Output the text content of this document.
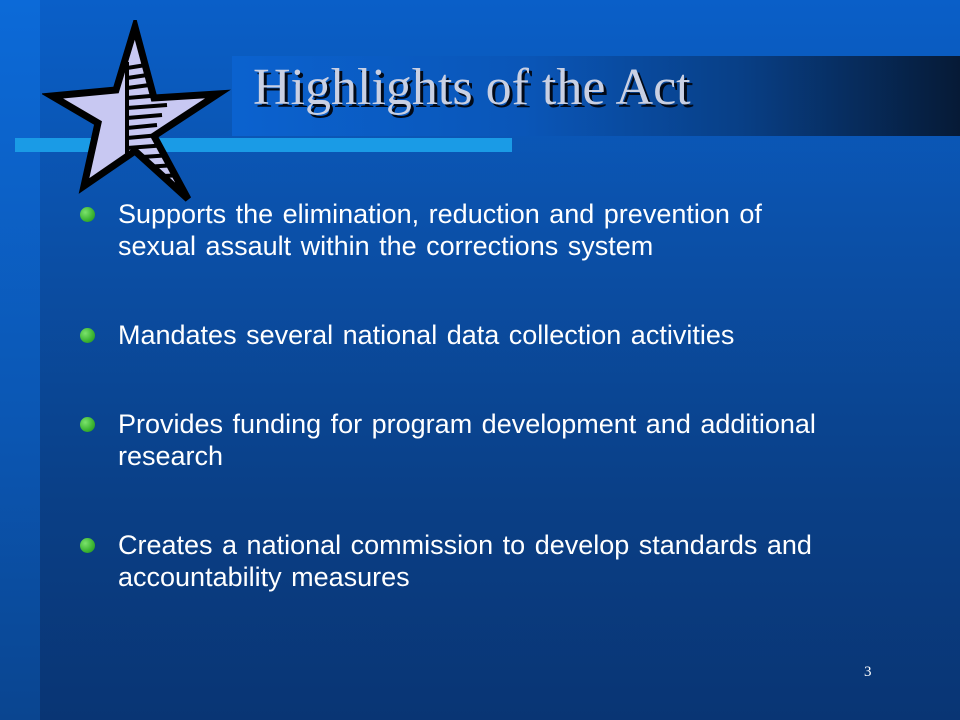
Highlights of the Act
Supports the elimination, reduction and prevention of sexual assault within the corrections system
Mandates several national data collection activities
Provides funding for program development and additional research
Creates a national commission to develop standards and accountability measures
3
